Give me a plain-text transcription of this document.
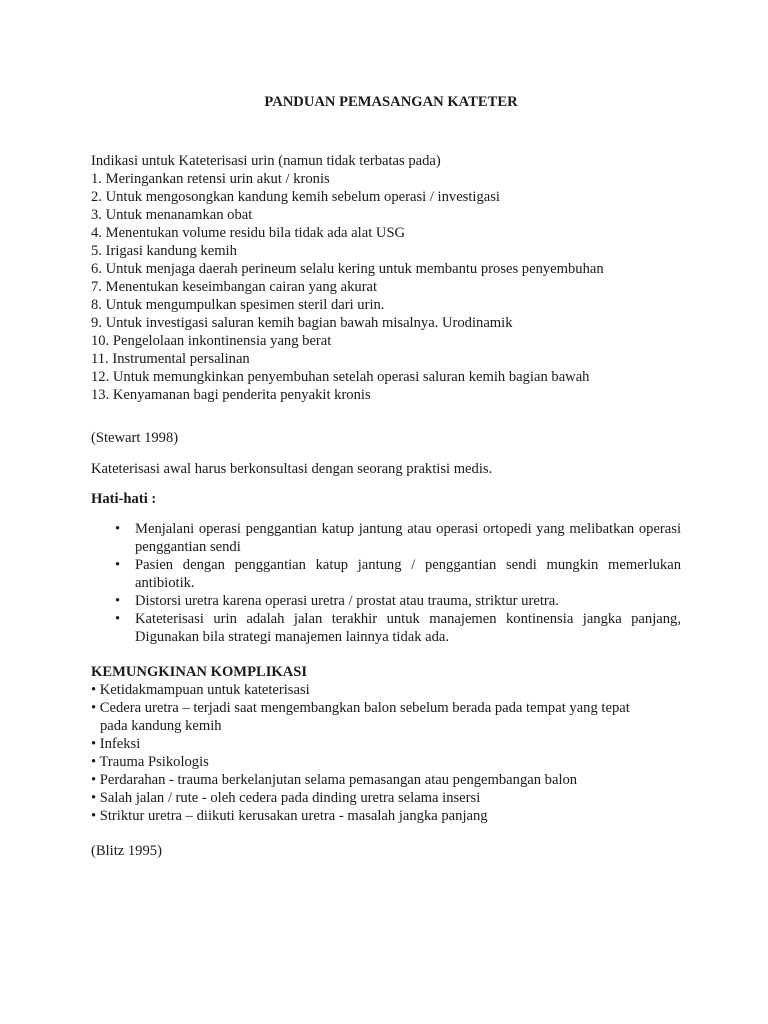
PANDUAN PEMASANGAN KATETER

Indikasi untuk Kateterisasi urin (namun tidak terbatas pada)

1. Meringankan retensi urin akut / kronis

2. Untuk mengosongkan kandung kemih sebelum operasi / investigasi

3. Untuk menanamkan obat

4. Menentukan volume residu bila tidak ada alat USG

5. Irigasi kandung kemih

6. Untuk menjaga daerah perineum selalu kering untuk membantu proses penyembuhan

7. Menentukan keseimbangan cairan yang akurat

8. Untuk mengumpulkan spesimen steril dari urin.

9. Untuk investigasi saluran kemih bagian bawah misalnya. Urodinamik

10. Pengelolaan inkontinensia yang berat

11. Instrumental persalinan

12. Untuk memungkinkan penyembuhan setelah operasi saluran kemih bagian bawah

13. Kenyamanan bagi penderita penyakit kronis

(Stewart 1998)

Kateterisasi awal harus berkonsultasi dengan seorang praktisi medis.

Hati-hati :

• Menjalani operasi penggantian katup jantung atau operasi ortopedi yang melibatkan operasi penggantian sendi
• Pasien dengan penggantian katup jantung / penggantian sendi mungkin memerlukan antibiotik.
• Distorsi uretra karena operasi uretra / prostat atau trauma, striktur uretra.
• Kateterisasi urin adalah jalan terakhir untuk manajemen kontinensia jangka panjang, Digunakan bila strategi manajemen lainnya tidak ada.

KEMUNGKINAN KOMPLIKASI

• Ketidakmampuan untuk kateterisasi

• Cedera uretra – terjadi saat mengembangkan balon sebelum berada pada tempat yang tepat

pada kandung kemih

• Infeksi

• Trauma Psikologis

• Perdarahan - trauma berkelanjutan selama pemasangan atau pengembangan balon

• Salah jalan / rute - oleh cedera pada dinding uretra selama insersi

• Striktur uretra – diikuti kerusakan uretra - masalah jangka panjang

(Blitz 1995)
